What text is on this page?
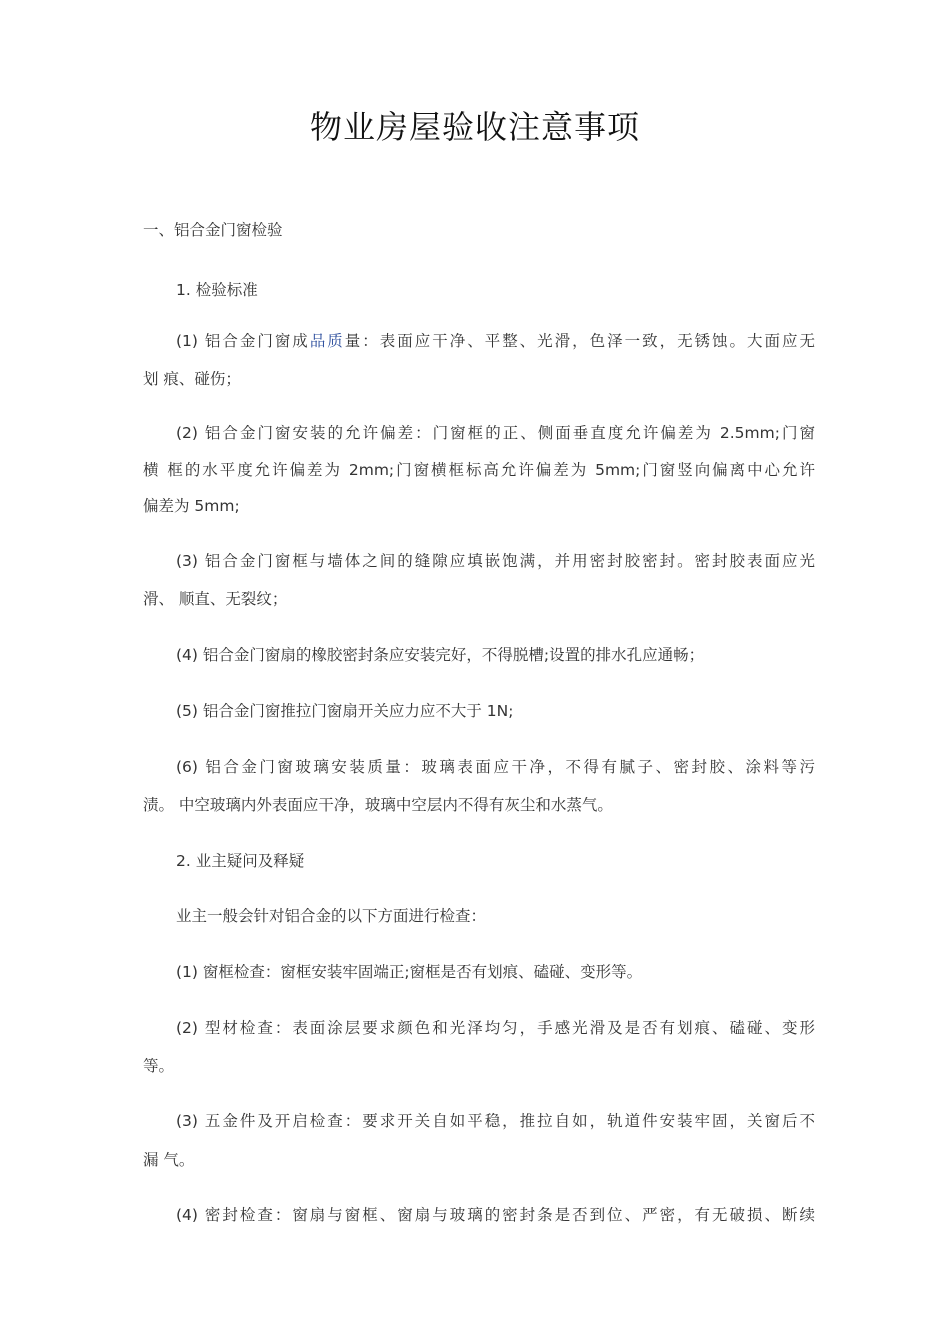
物业房屋验收注意事项
一、铝合金门窗检验
1. 检验标准
(1) 铝合金门窗成品质量：表面应干净、平整、光滑，色泽一致，无锈蚀。大面应无
划 痕、碰伤；
(2) 铝合金门窗安装的允许偏差：门窗框的正、侧面垂直度允许偏差为 2.5mm;门窗
横 框的水平度允许偏差为 2mm;门窗横框标高允许偏差为 5mm;门窗竖向偏离中心允许
偏差为 5mm;
(3) 铝合金门窗框与墙体之间的缝隙应填嵌饱满，并用密封胶密封。密封胶表面应光
滑、 顺直、无裂纹；
(4) 铝合金门窗扇的橡胶密封条应安装完好，不得脱槽;设置的排水孔应通畅；
(5) 铝合金门窗推拉门窗扇开关应力应不大于 1N;
(6) 铝合金门窗玻璃安装质量：玻璃表面应干净，不得有腻子、密封胶、涂料等污
渍。 中空玻璃内外表面应干净，玻璃中空层内不得有灰尘和水蒸气。
2. 业主疑问及释疑
业主一般会针对铝合金的以下方面进行检查：
(1) 窗框检查：窗框安装牢固端正;窗框是否有划痕、磕碰、变形等。
(2) 型材检查：表面涂层要求颜色和光泽均匀，手感光滑及是否有划痕、磕碰、变形
等。
(3) 五金件及开启检查：要求开关自如平稳，推拉自如，轨道件安装牢固，关窗后不
漏 气。
(4) 密封检查：窗扇与窗框、窗扇与玻璃的密封条是否到位、严密，有无破损、断续
